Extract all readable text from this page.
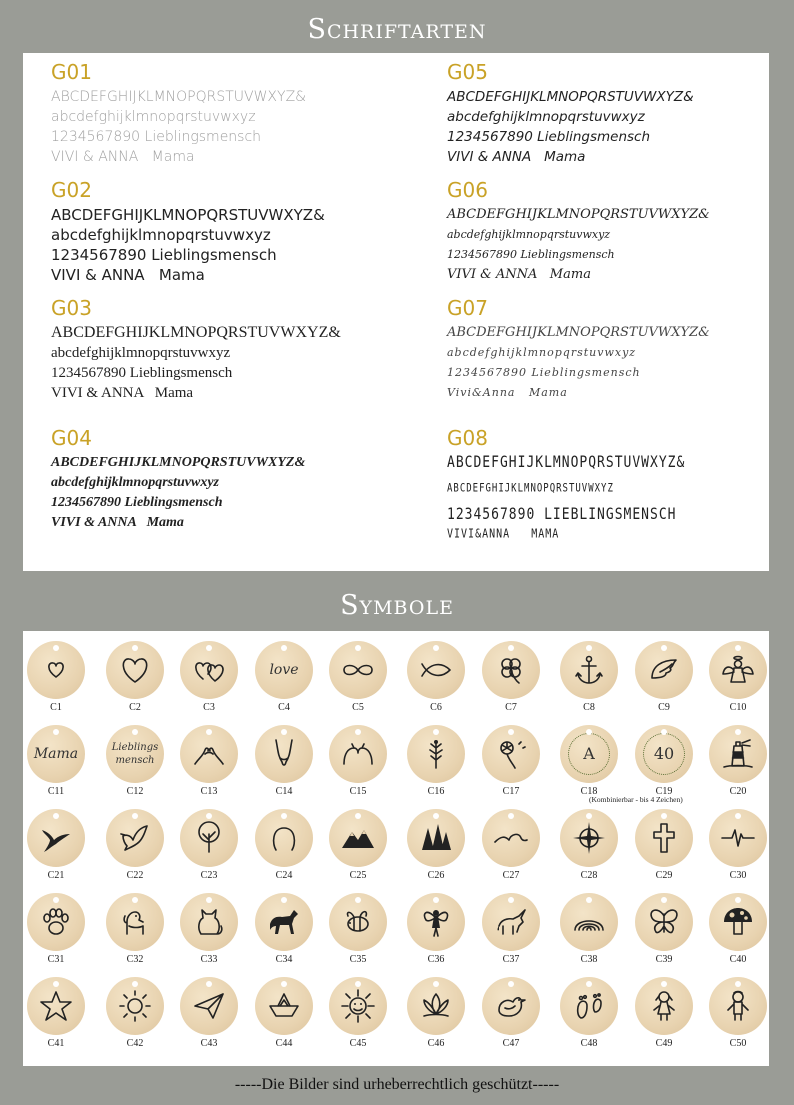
Schriftarten
G01
ABCDEFGHIJKLMNOPQRSTUVWXYZ&
abcdefghijklmnopqrstuvwxyz
1234567890 Lieblingsmensch
VIVI & ANNA   Mama
G02
ABCDEFGHIJKLMNOPQRSTUVWXYZ&
abcdefghijklmnopqrstuvwxyz
1234567890 Lieblingsmensch
VIVI & ANNA   Mama
G03
ABCDEFGHIJKLMNOPQRSTUVWXYZ&
abcdefghijklmnopqrstuvwxyz
1234567890 Lieblingsmensch
VIVI & ANNA   Mama
G04
ABCDEFGHIJKLMNOPQRSTUVWXYZ&
abcdefghijklmnopqrstuvwxyz
1234567890 Lieblingsmensch
VIVI & ANNA   Mama
G05
ABCDEFGHIJKLMNOPQRSTUVWXYZ&
abcdefghijklmnopqrstuvwxyz
1234567890 Lieblingsmensch
VIVI & ANNA   Mama
G06
ABCDEFGHIJKLMNOPQRSTUVWXYZ&
abcdefghijklmnopqrstuvwxyz
1234567890 Lieblingsmensch
VIVI & ANNA   Mama
G07
ABCDEFGHIJKLMNOPQRSTUVWXYZ&
abcdefghijklmnopqrstuvwxyz
1234567890 Lieblingsmensch
Vivi&Anna   Mama
G08
ABCDEFGHIJKLMNOPQRSTUVWXYZ&
ABCDEFGHIJKLMNOPQRSTUVWXYZ
1234567890 LIEBLINGSMENSCH
VIVI&ANNA   MAMA
Symbole
(Kombinierbar - bis 4 Zeichen)
C1	C2	C3
love
C4	C5	C6	C7	C8	C9	C10
Mama
C11
Lieblings mensch
C12	C13	C14	C15	C16	C17
A
C18
40
C19	C20
C21	C22	C23	C24	C25	C26	C27	C28	C29	C30
C31	C32	C33	C34	C35	C36	C37	C38	C39	C40
C41	C42	C43	C44	C45	C46	C47	C48	C49	C50
-----Die Bilder sind urheberrechtlich geschützt-----
